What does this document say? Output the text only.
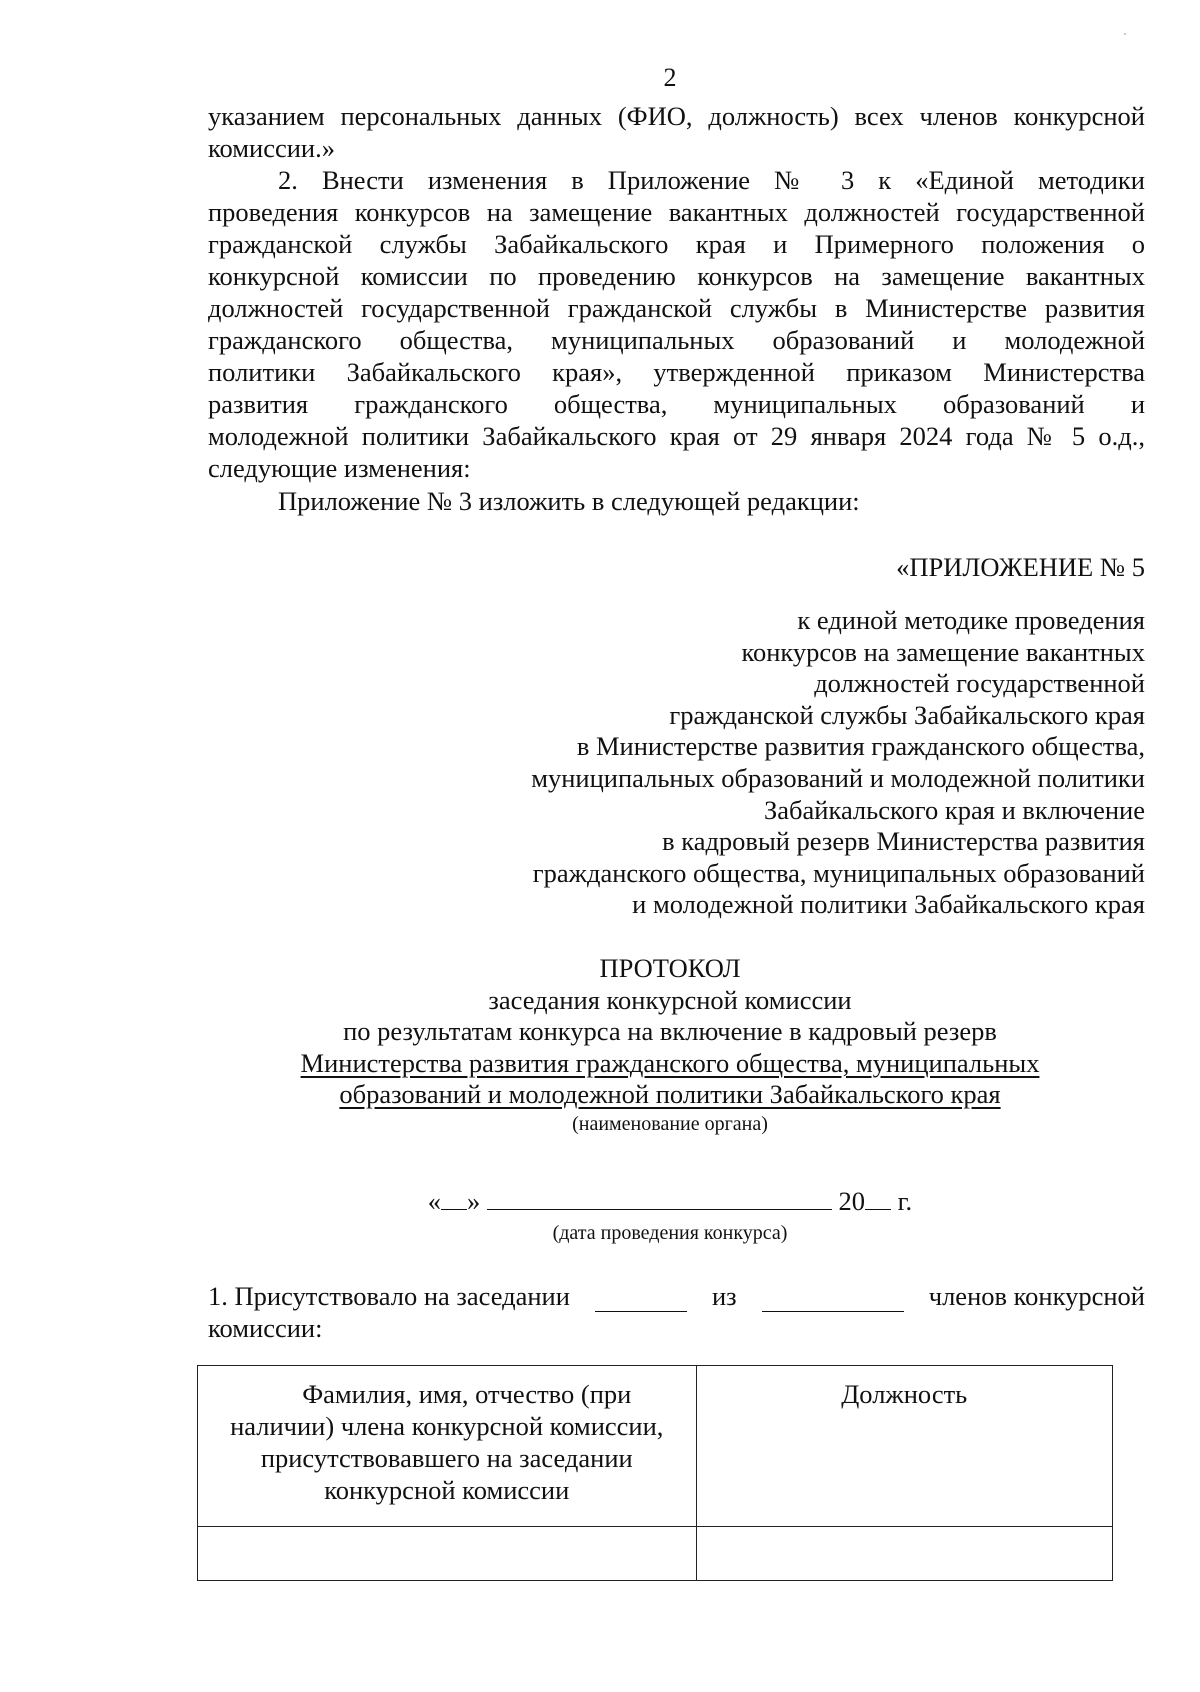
2
указанием персональных данных (ФИО, должность) всех членов конкурсной
комиссии.»
2. Внести изменения в Приложение № 3 к «Единой методики
проведения конкурсов на замещение вакантных должностей государственной
гражданской службы Забайкальского края и Примерного положения о
конкурсной комиссии по проведению конкурсов на замещение вакантных
должностей государственной гражданской службы в Министерстве развития
гражданского общества, муниципальных образований и молодежной
политики Забайкальского края», утвержденной приказом Министерства
развития гражданского общества, муниципальных образований и
молодежной политики Забайкальского края от 29 января 2024 года № 5 о.д.,
следующие изменения:
Приложение № 3 изложить в следующей редакции:
«ПРИЛОЖЕНИЕ № 5
к единой методике проведения
конкурсов на замещение вакантных
должностей государственной
гражданской службы Забайкальского края
в Министерстве развития гражданского общества,
муниципальных образований и молодежной политики
Забайкальского края и включение
в кадровый резерв Министерства развития
гражданского общества, муниципальных образований
и молодежной политики Забайкальского края
ПРОТОКОЛ
заседания конкурсной комиссии
по результатам конкурса на включение в кадровый резерв
Министерства развития гражданского общества, муниципальных
образований и молодежной политики Забайкальского края
(наименование органа)
« »	20 г.
(дата проведения конкурса)
1. Присутствовало на заседании	из	членов конкурсной
комиссии:
Фамилия, имя, отчество (при
наличии) члена конкурсной комиссии,
присутствовавшего на заседании
конкурсной комиссии	Должность
